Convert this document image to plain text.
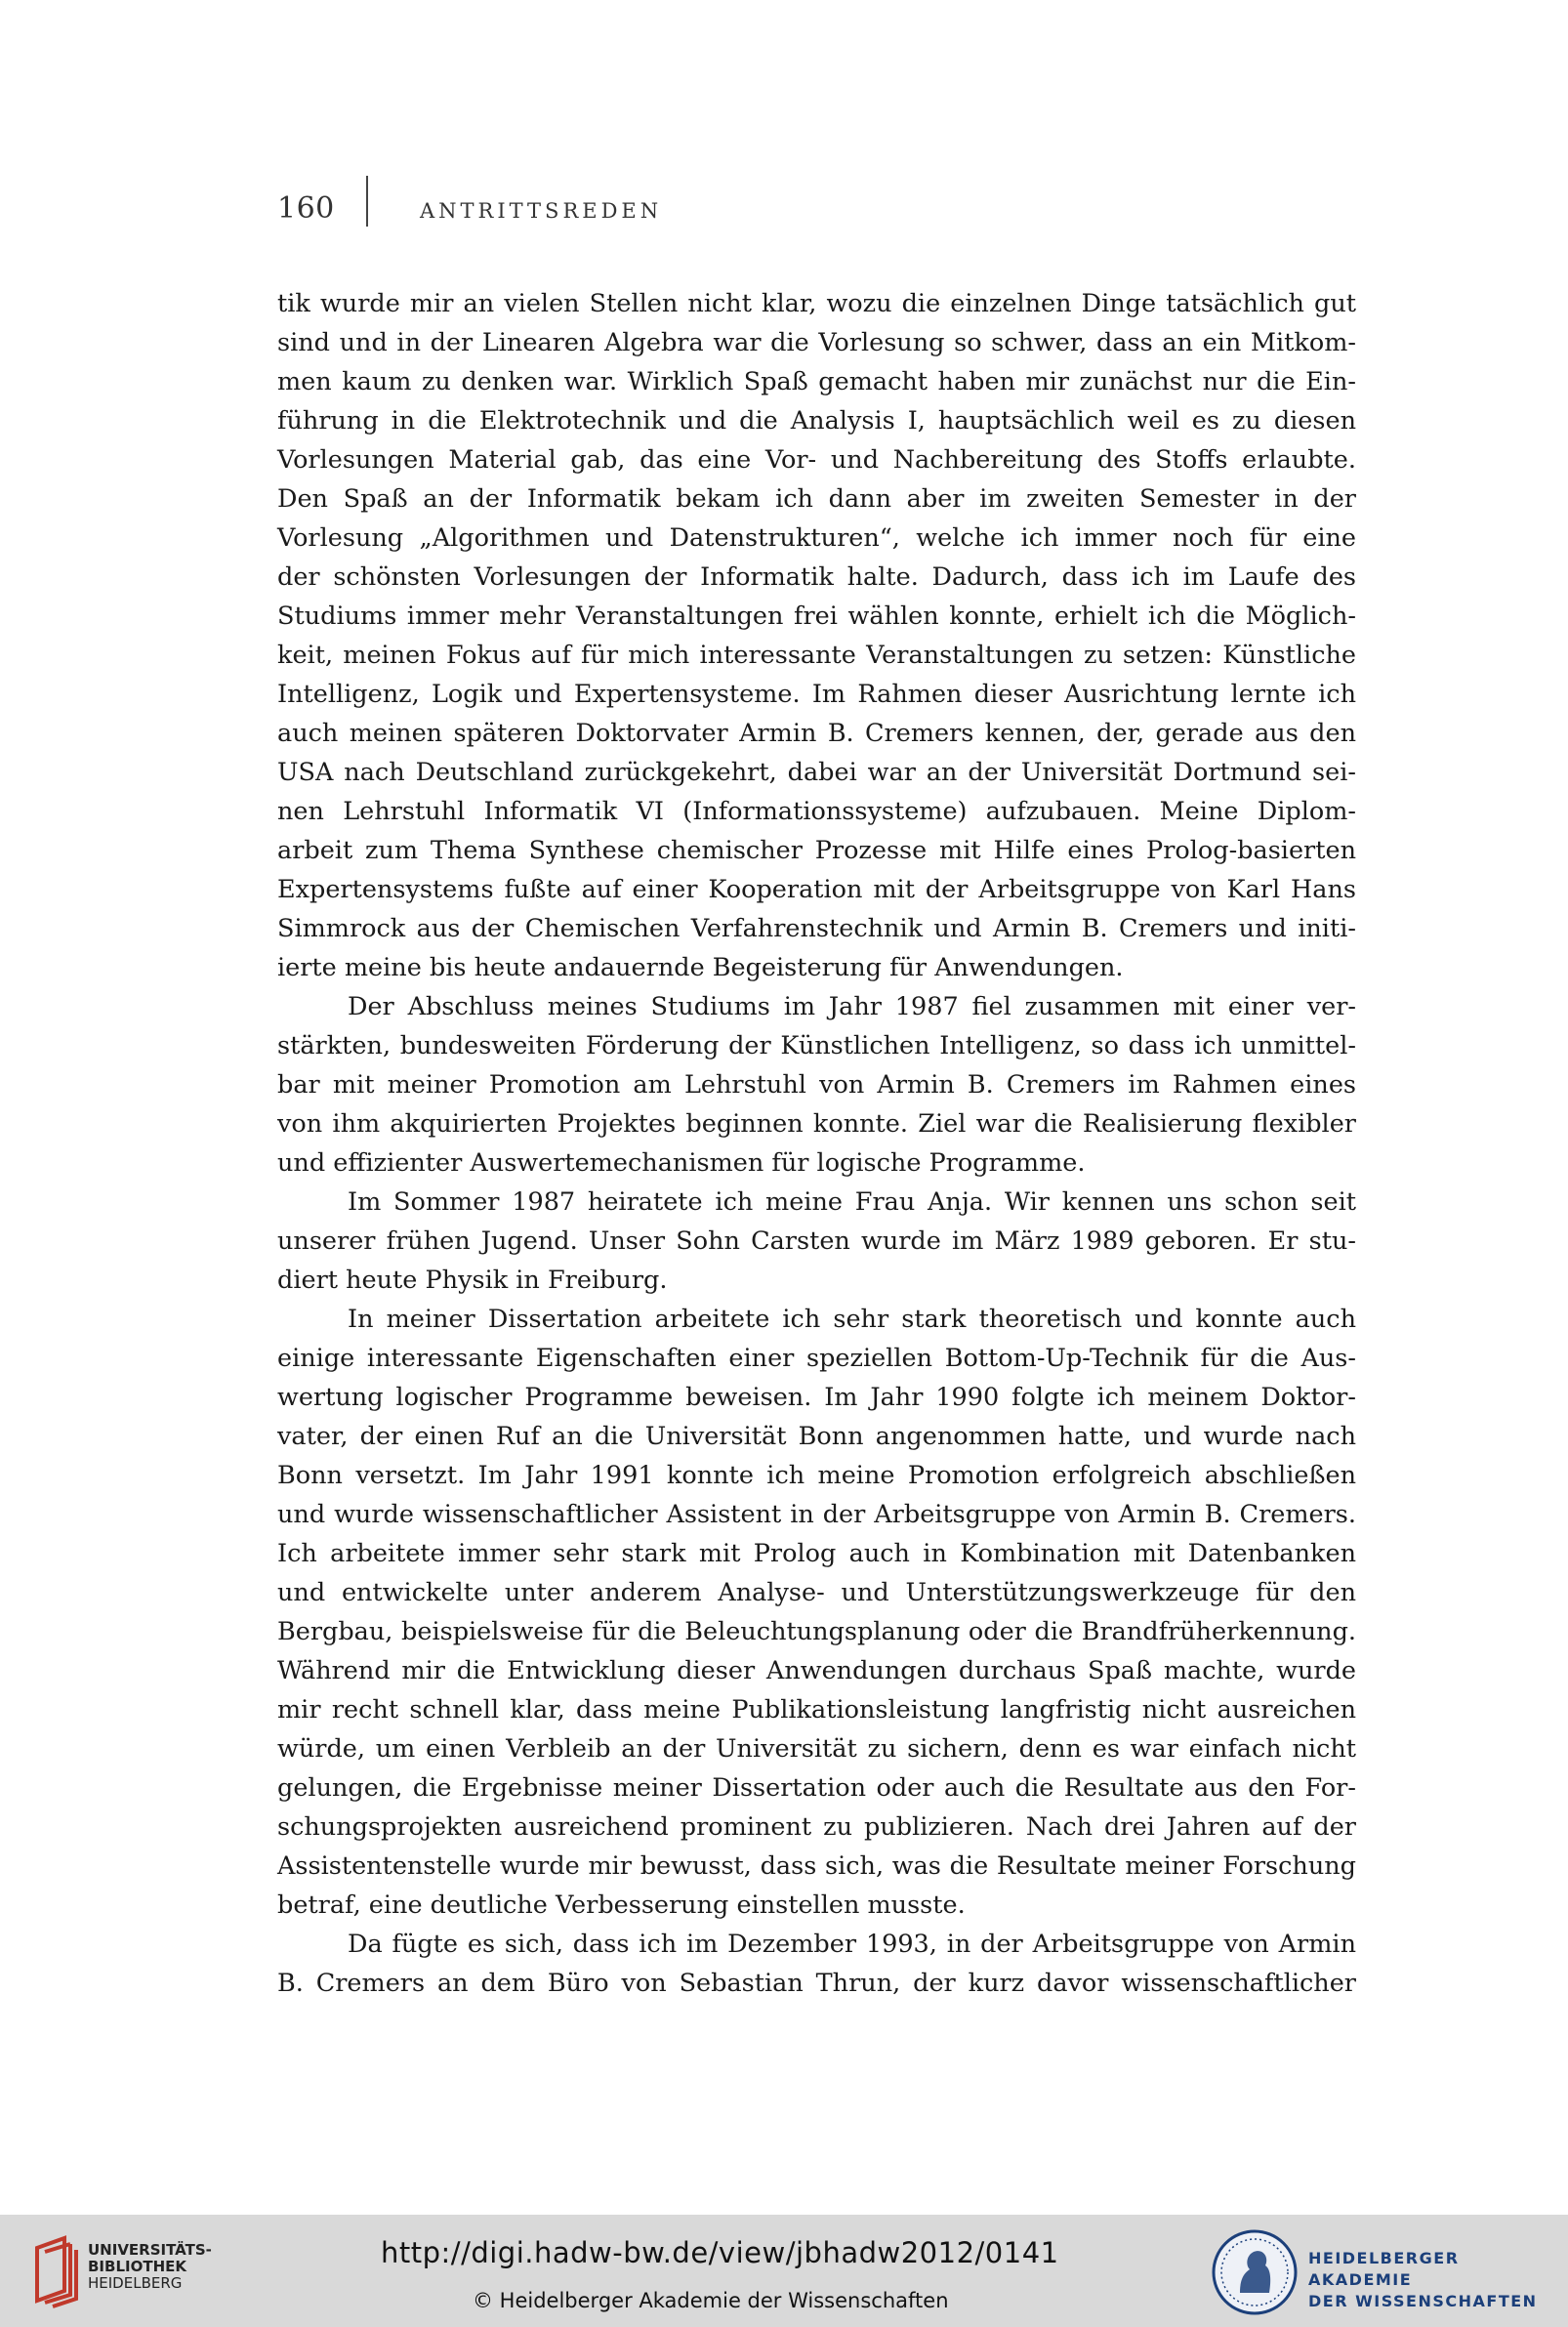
160	ANTRITTSREDEN
tik wurde mir an vielen Stellen nicht klar, wozu die einzelnen Dinge tatsächlich gut
sind und in der Linearen Algebra war die Vorlesung so schwer, dass an ein Mitkom-
men kaum zu denken war. Wirklich Spaß gemacht haben mir zunächst nur die Ein-
führung in die Elektrotechnik und die Analysis I, hauptsächlich weil es zu diesen
Vorlesungen Material gab, das eine Vor- und Nachbereitung des Stoffs erlaubte.
Den Spaß an der Informatik bekam ich dann aber im zweiten Semester in der
Vorlesung „Algorithmen und Datenstrukturen“, welche ich immer noch für eine
der schönsten Vorlesungen der Informatik halte. Dadurch, dass ich im Laufe des
Studiums immer mehr Veranstaltungen frei wählen konnte, erhielt ich die Möglich-
keit, meinen Fokus auf für mich interessante Veranstaltungen zu setzen: Künstliche
Intelligenz, Logik und Expertensysteme. Im Rahmen dieser Ausrichtung lernte ich
auch meinen späteren Doktorvater Armin B. Cremers kennen, der, gerade aus den
USA nach Deutschland zurückgekehrt, dabei war an der Universität Dortmund sei-
nen Lehrstuhl Informatik VI (Informationssysteme) aufzubauen. Meine Diplom-
arbeit zum Thema Synthese chemischer Prozesse mit Hilfe eines Prolog-basierten
Expertensystems fußte auf einer Kooperation mit der Arbeitsgruppe von Karl Hans
Simmrock aus der Chemischen Verfahrenstechnik und Armin B. Cremers und initi-
ierte meine bis heute andauernde Begeisterung für Anwendungen.
Der Abschluss meines Studiums im Jahr 1987 fiel zusammen mit einer ver-
stärkten, bundesweiten Förderung der Künstlichen Intelligenz, so dass ich unmittel-
bar mit meiner Promotion am Lehrstuhl von Armin B. Cremers im Rahmen eines
von ihm akquirierten Projektes beginnen konnte. Ziel war die Realisierung flexibler
und effizienter Auswertemechanismen für logische Programme.
Im Sommer 1987 heiratete ich meine Frau Anja. Wir kennen uns schon seit
unserer frühen Jugend. Unser Sohn Carsten wurde im März 1989 geboren. Er stu-
diert heute Physik in Freiburg.
In meiner Dissertation arbeitete ich sehr stark theoretisch und konnte auch
einige interessante Eigenschaften einer speziellen Bottom-Up-Technik für die Aus-
wertung logischer Programme beweisen. Im Jahr 1990 folgte ich meinem Doktor-
vater, der einen Ruf an die Universität Bonn angenommen hatte, und wurde nach
Bonn versetzt. Im Jahr 1991 konnte ich meine Promotion erfolgreich abschließen
und wurde wissenschaftlicher Assistent in der Arbeitsgruppe von Armin B. Cremers.
Ich arbeitete immer sehr stark mit Prolog auch in Kombination mit Datenbanken
und entwickelte unter anderem Analyse- und Unterstützungswerkzeuge für den
Bergbau, beispielsweise für die Beleuchtungsplanung oder die Brandfrüherkennung.
Während mir die Entwicklung dieser Anwendungen durchaus Spaß machte, wurde
mir recht schnell klar, dass meine Publikationsleistung langfristig nicht ausreichen
würde, um einen Verbleib an der Universität zu sichern, denn es war einfach nicht
gelungen, die Ergebnisse meiner Dissertation oder auch die Resultate aus den For-
schungsprojekten ausreichend prominent zu publizieren. Nach drei Jahren auf der
Assistentenstelle wurde mir bewusst, dass sich, was die Resultate meiner Forschung
betraf, eine deutliche Verbesserung einstellen musste.
Da fügte es sich, dass ich im Dezember 1993, in der Arbeitsgruppe von Armin
B. Cremers an dem Büro von Sebastian Thrun, der kurz davor wissenschaftlicher
UNIVERSITÄTS-
BIBLIOTHEK
HEIDELBERG
http://digi.hadw-bw.de/view/jbhadw2012/0141
© Heidelberger Akademie der Wissenschaften
HEIDELBERGER AKADEMIE
DER WISSENSCHAFTEN
